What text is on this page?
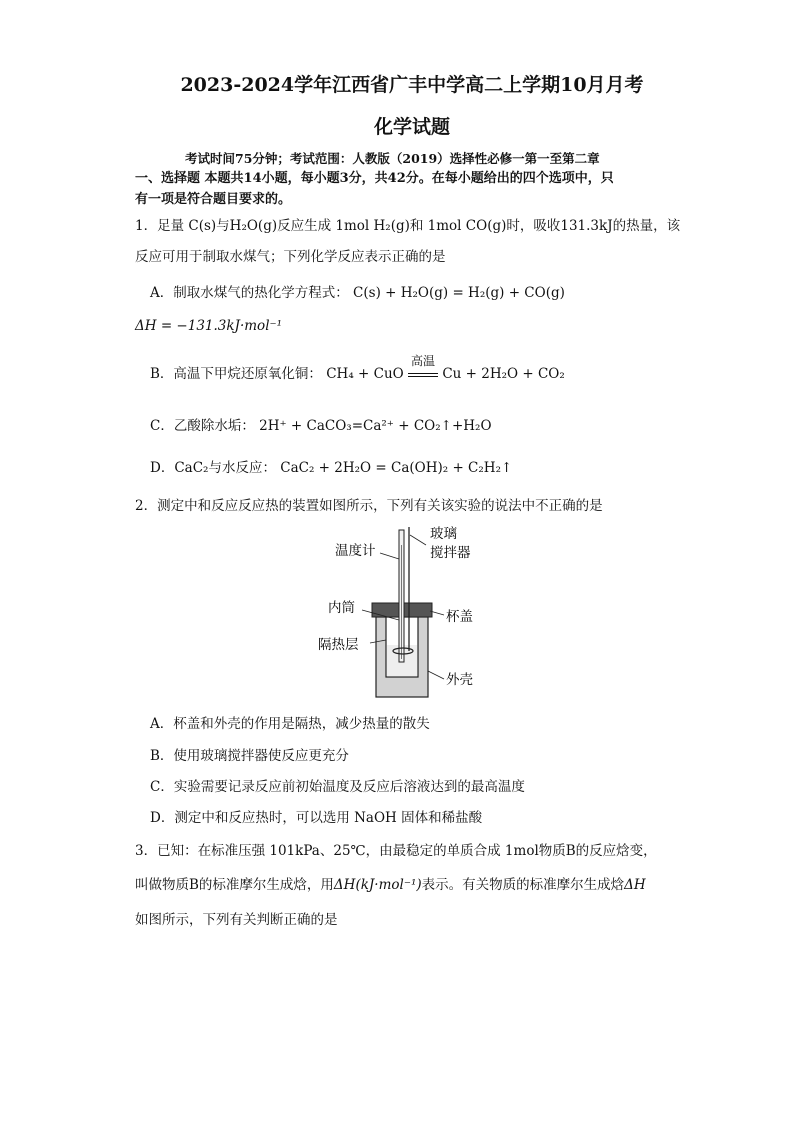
2023-2024学年江西省广丰中学高二上学期10月月考
化学试题
考试时间75分钟；考试范围：人教版（2019）选择性必修一第一至第二章
一、选择题 本题共14小题，每小题3分，共42分。在每小题给出的四个选项中，只
有一项是符合题目要求的。
1．足量 C(s)与H₂O(g)反应生成 1mol H₂(g)和 1mol CO(g)时，吸收131.3kJ的热量，该
反应可用于制取水煤气；下列化学反应表示正确的是
A．制取水煤气的热化学方程式： C(s) + H₂O(g) = H₂(g) + CO(g)
ΔH = −131.3kJ·mol⁻¹
B．高温下甲烷还原氧化铜： CH₄ + CuO
高温
Cu + 2H₂O + CO₂
C．乙酸除水垢： 2H⁺ + CaCO₃=Ca²⁺ + CO₂↑+H₂O
D．CaC₂与水反应： CaC₂ + 2H₂O = Ca(OH)₂ + C₂H₂↑
2．测定中和反应反应热的装置如图所示，下列有关该实验的说法中不正确的是
温度计
玻璃
搅拌器
内筒
杯盖
隔热层
外壳
A．杯盖和外壳的作用是隔热，减少热量的散失
B．使用玻璃搅拌器使反应更充分
C．实验需要记录反应前初始温度及反应后溶液达到的最高温度
D．测定中和反应热时，可以选用 NaOH 固体和稀盐酸
3．已知：在标准压强 101kPa、25℃，由最稳定的单质合成 1mol物质B的反应焓变，
叫做物质B的标准摩尔生成焓，用ΔH(kJ·mol⁻¹)表示。有关物质的标准摩尔生成焓ΔH
如图所示，下列有关判断正确的是
